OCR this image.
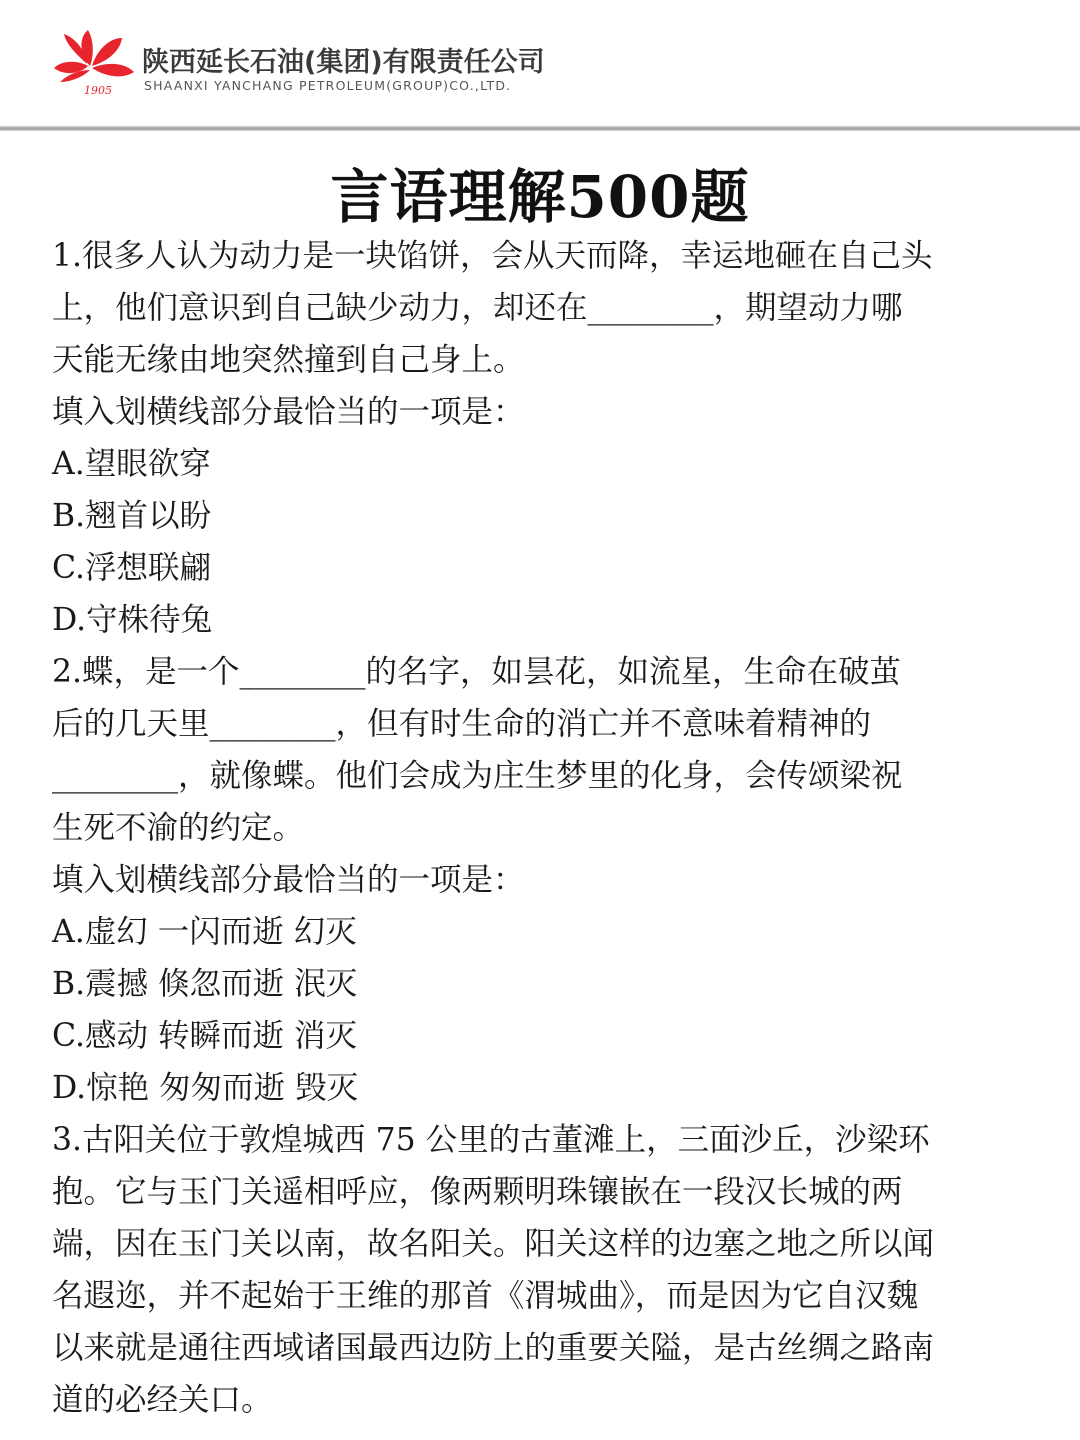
1905
陕西延长石油(集团)有限责任公司
SHAANXI YANCHANG PETROLEUM(GROUP)CO.,LTD.
言语理解500题
1.很多人认为动力是一块馅饼，会从天而降，幸运地砸在自己头
上，他们意识到自己缺少动力，却还在________，期望动力哪
天能无缘由地突然撞到自己身上。
填入划横线部分最恰当的一项是：
A.望眼欲穿
B.翘首以盼
C.浮想联翩
D.守株待兔
2.蝶，是一个________的名字，如昙花，如流星，生命在破茧
后的几天里________，但有时生命的消亡并不意味着精神的
________，就像蝶。他们会成为庄生梦里的化身，会传颂梁祝
生死不渝的约定。
填入划横线部分最恰当的一项是：
A.虚幻 一闪而逝 幻灭
B.震撼 倏忽而逝 泯灭
C.感动 转瞬而逝 消灭
D.惊艳 匆匆而逝 毁灭
3.古阳关位于敦煌城西 75 公里的古董滩上，三面沙丘，沙梁环
抱。它与玉门关遥相呼应，像两颗明珠镶嵌在一段汉长城的两
端，因在玉门关以南，故名阳关。阳关这样的边塞之地之所以闻
名遐迩，并不起始于王维的那首《渭城曲》，而是因为它自汉魏
以来就是通往西域诸国最西边防上的重要关隘，是古丝绸之路南
道的必经关口。
